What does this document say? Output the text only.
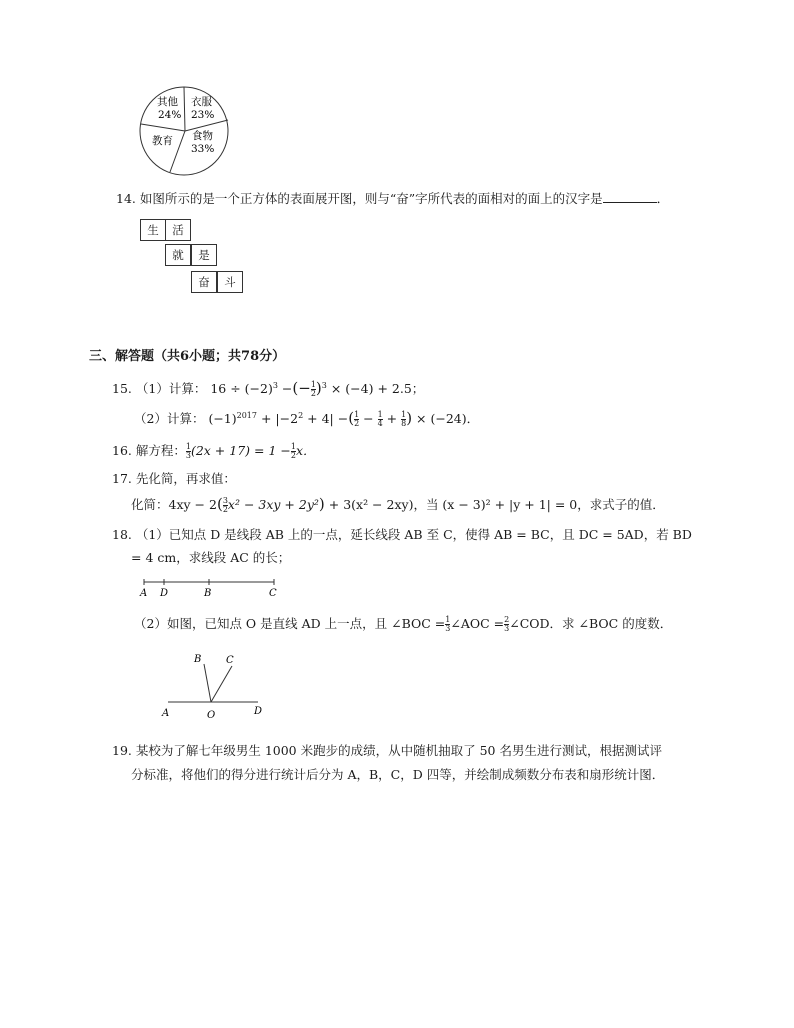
其他
24%
衣服
23%
教育 食物
33%
14. 如图所示的是一个正方体的表面展开图，则与“奋”字所代表的面相对的面上的汉字是	．
生	活
就	是
奋	斗
三、解答题（共6小题；共78分）
15. （1）计算： $16 \div (-2)^3$ −(− $\frac{1}{2} )^3 \times (-4) + 2.5$；
（2）计算： $(-1)^{2017} + |-2^2 + 4|$ −( $\frac{1}{2} - \frac{1}{4} + \frac{1}{8}$ ) × (−24)．
16. 解方程： $\frac{1}{3} (2x + 17) = 1 - \frac{1}{2}$ x．
17. 先化简，再求值：
化简：$4xy - 2( \frac{3}{2} x^2 - 3xy + 2y^2) + 3(x^2 - 2xy)$，当 (x − 3)² + |y + 1| = 0，求式子的值．
18. （1）已知点 D 是线段 AB 上的一点，延长线段 AB 至 C，使得 AB = BC，且 DC = 5AD，若 BD
= 4 cm，求线段 AC 的长；
A D	B	C
（2）如图，已知点 O 是直线 AD 上一点，且 ∠BOC = $\frac{1}{3}$ ∠AOC = $\frac{2}{3}$ ∠COD．求 ∠BOC 的度数．
B C
A	O	D
19. 某校为了解七年级男生 1000 米跑步的成绩，从中随机抽取了 50 名男生进行测试，根据测试评
分标准，将他们的得分进行统计后分为 A，B，C，D 四等，并绘制成频数分布表和扇形统计图．
